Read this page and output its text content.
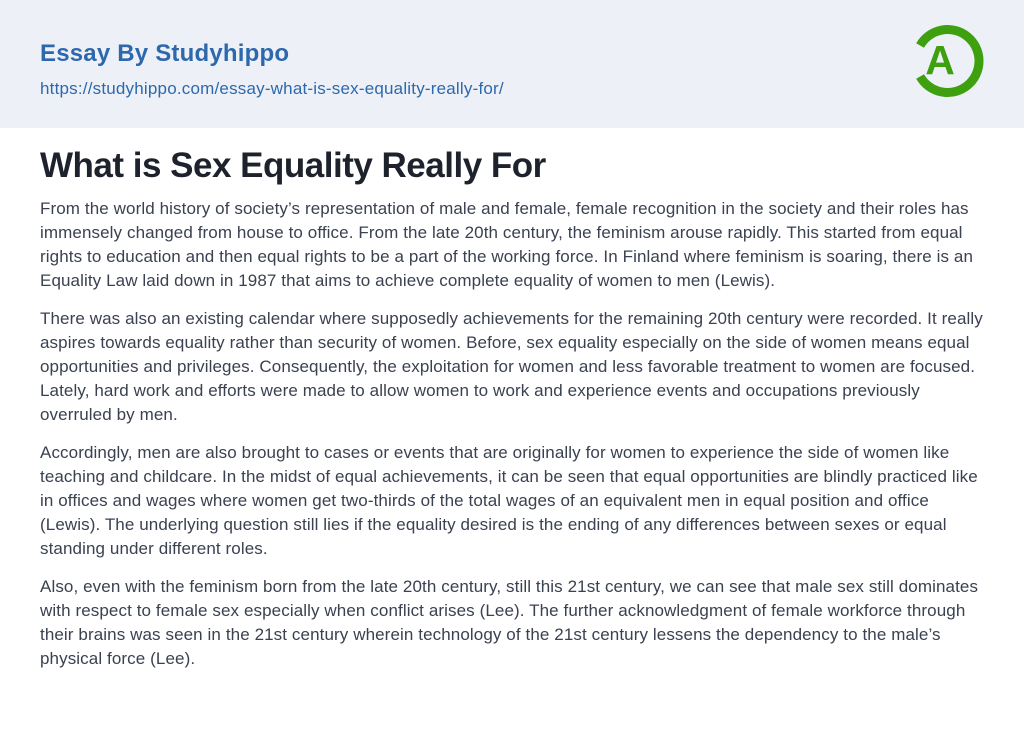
Essay By Studyhippo
https://studyhippo.com/essay-what-is-sex-equality-really-for/
A
What is Sex Equality Really For

From the world history of society’s representation of male and female, female recognition in the society and their roles has immensely changed from house to office. From the late 20th century, the feminism arouse rapidly. This started from equal rights to education and then equal rights to be a part of the working force. In Finland where feminism is soaring, there is an Equality Law laid down in 1987 that aims to achieve complete equality of women to men (Lewis).

There was also an existing calendar where supposedly achievements for the remaining 20th century were recorded. It really aspires towards equality rather than security of women. Before, sex equality especially on the side of women means equal opportunities and privileges. Consequently, the exploitation for women and less favorable treatment to women are focused. Lately, hard work and efforts were made to allow women to work and experience events and occupations previously overruled by men.

Accordingly, men are also brought to cases or events that are originally for women to experience the side of women like teaching and childcare. In the midst of equal achievements, it can be seen that equal opportunities are blindly practiced like in offices and wages where women get two-thirds of the total wages of an equivalent men in equal position and office (Lewis). The underlying question still lies if the equality desired is the ending of any differences between sexes or equal standing under different roles.

Also, even with the feminism born from the late 20th century, still this 21st century, we can see that male sex still dominates with respect to female sex especially when conflict arises (Lee). The further acknowledgment of female workforce through their brains was seen in the 21st century wherein technology of the 21st century lessens the dependency to the male’s physical force (Lee).
